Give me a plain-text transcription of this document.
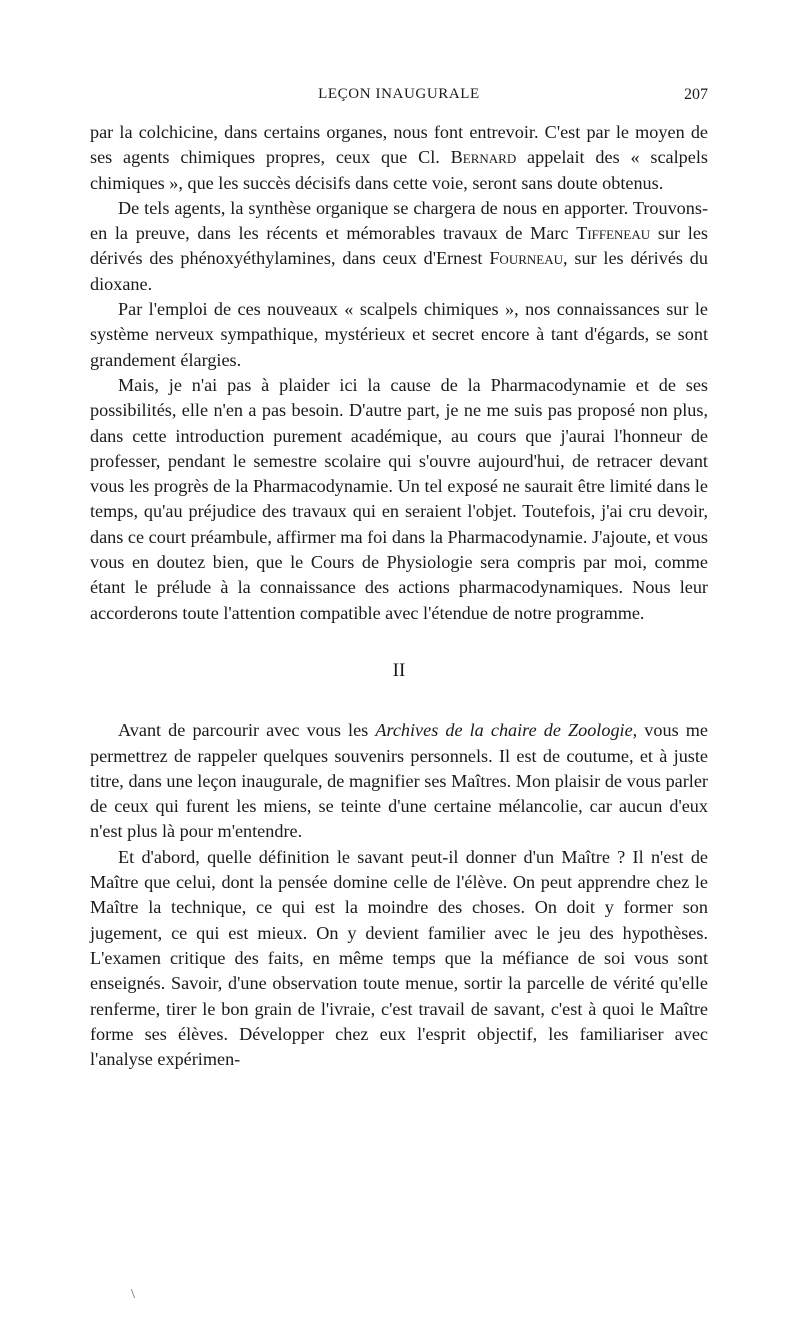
LEÇON INAUGURALE	207

par la colchicine, dans certains organes, nous font entrevoir. C'est par le moyen de ses agents chimiques propres, ceux que Cl. Bernard appelait des « scalpels chimiques », que les succès décisifs dans cette voie, seront sans doute obtenus.

De tels agents, la synthèse organique se chargera de nous en apporter. Trouvons-en la preuve, dans les récents et mémorables travaux de Marc Tiffeneau sur les dérivés des phénoxyéthylamines, dans ceux d'Ernest Fourneau, sur les dérivés du dioxane.

Par l'emploi de ces nouveaux « scalpels chimiques », nos connaissances sur le système nerveux sympathique, mystérieux et secret encore à tant d'égards, se sont grandement élargies.

Mais, je n'ai pas à plaider ici la cause de la Pharmacodynamie et de ses possibilités, elle n'en a pas besoin. D'autre part, je ne me suis pas proposé non plus, dans cette introduction purement académique, au cours que j'aurai l'honneur de professer, pendant le semestre scolaire qui s'ouvre aujourd'hui, de retracer devant vous les progrès de la Pharmacodynamie. Un tel exposé ne saurait être limité dans le temps, qu'au préjudice des travaux qui en seraient l'objet. Toutefois, j'ai cru devoir, dans ce court préambule, affirmer ma foi dans la Pharmacodynamie. J'ajoute, et vous vous en doutez bien, que le Cours de Physiologie sera compris par moi, comme étant le prélude à la connaissance des actions pharmacodynamiques. Nous leur accorderons toute l'attention compatible avec l'étendue de notre programme.

II

Avant de parcourir avec vous les Archives de la chaire de Zoologie, vous me permettrez de rappeler quelques souvenirs personnels. Il est de coutume, et à juste titre, dans une leçon inaugurale, de magnifier ses Maîtres. Mon plaisir de vous parler de ceux qui furent les miens, se teinte d'une certaine mélancolie, car aucun d'eux n'est plus là pour m'entendre.

Et d'abord, quelle définition le savant peut-il donner d'un Maître ? Il n'est de Maître que celui, dont la pensée domine celle de l'élève. On peut apprendre chez le Maître la technique, ce qui est la moindre des choses. On doit y former son jugement, ce qui est mieux. On y devient familier avec le jeu des hypothèses. L'examen critique des faits, en même temps que la méfiance de soi vous sont enseignés. Savoir, d'une observation toute menue, sortir la parcelle de vérité qu'elle renferme, tirer le bon grain de l'ivraie, c'est travail de savant, c'est à quoi le Maître forme ses élèves. Développer chez eux l'esprit objectif, les familiariser avec l'analyse expérimen-

\
